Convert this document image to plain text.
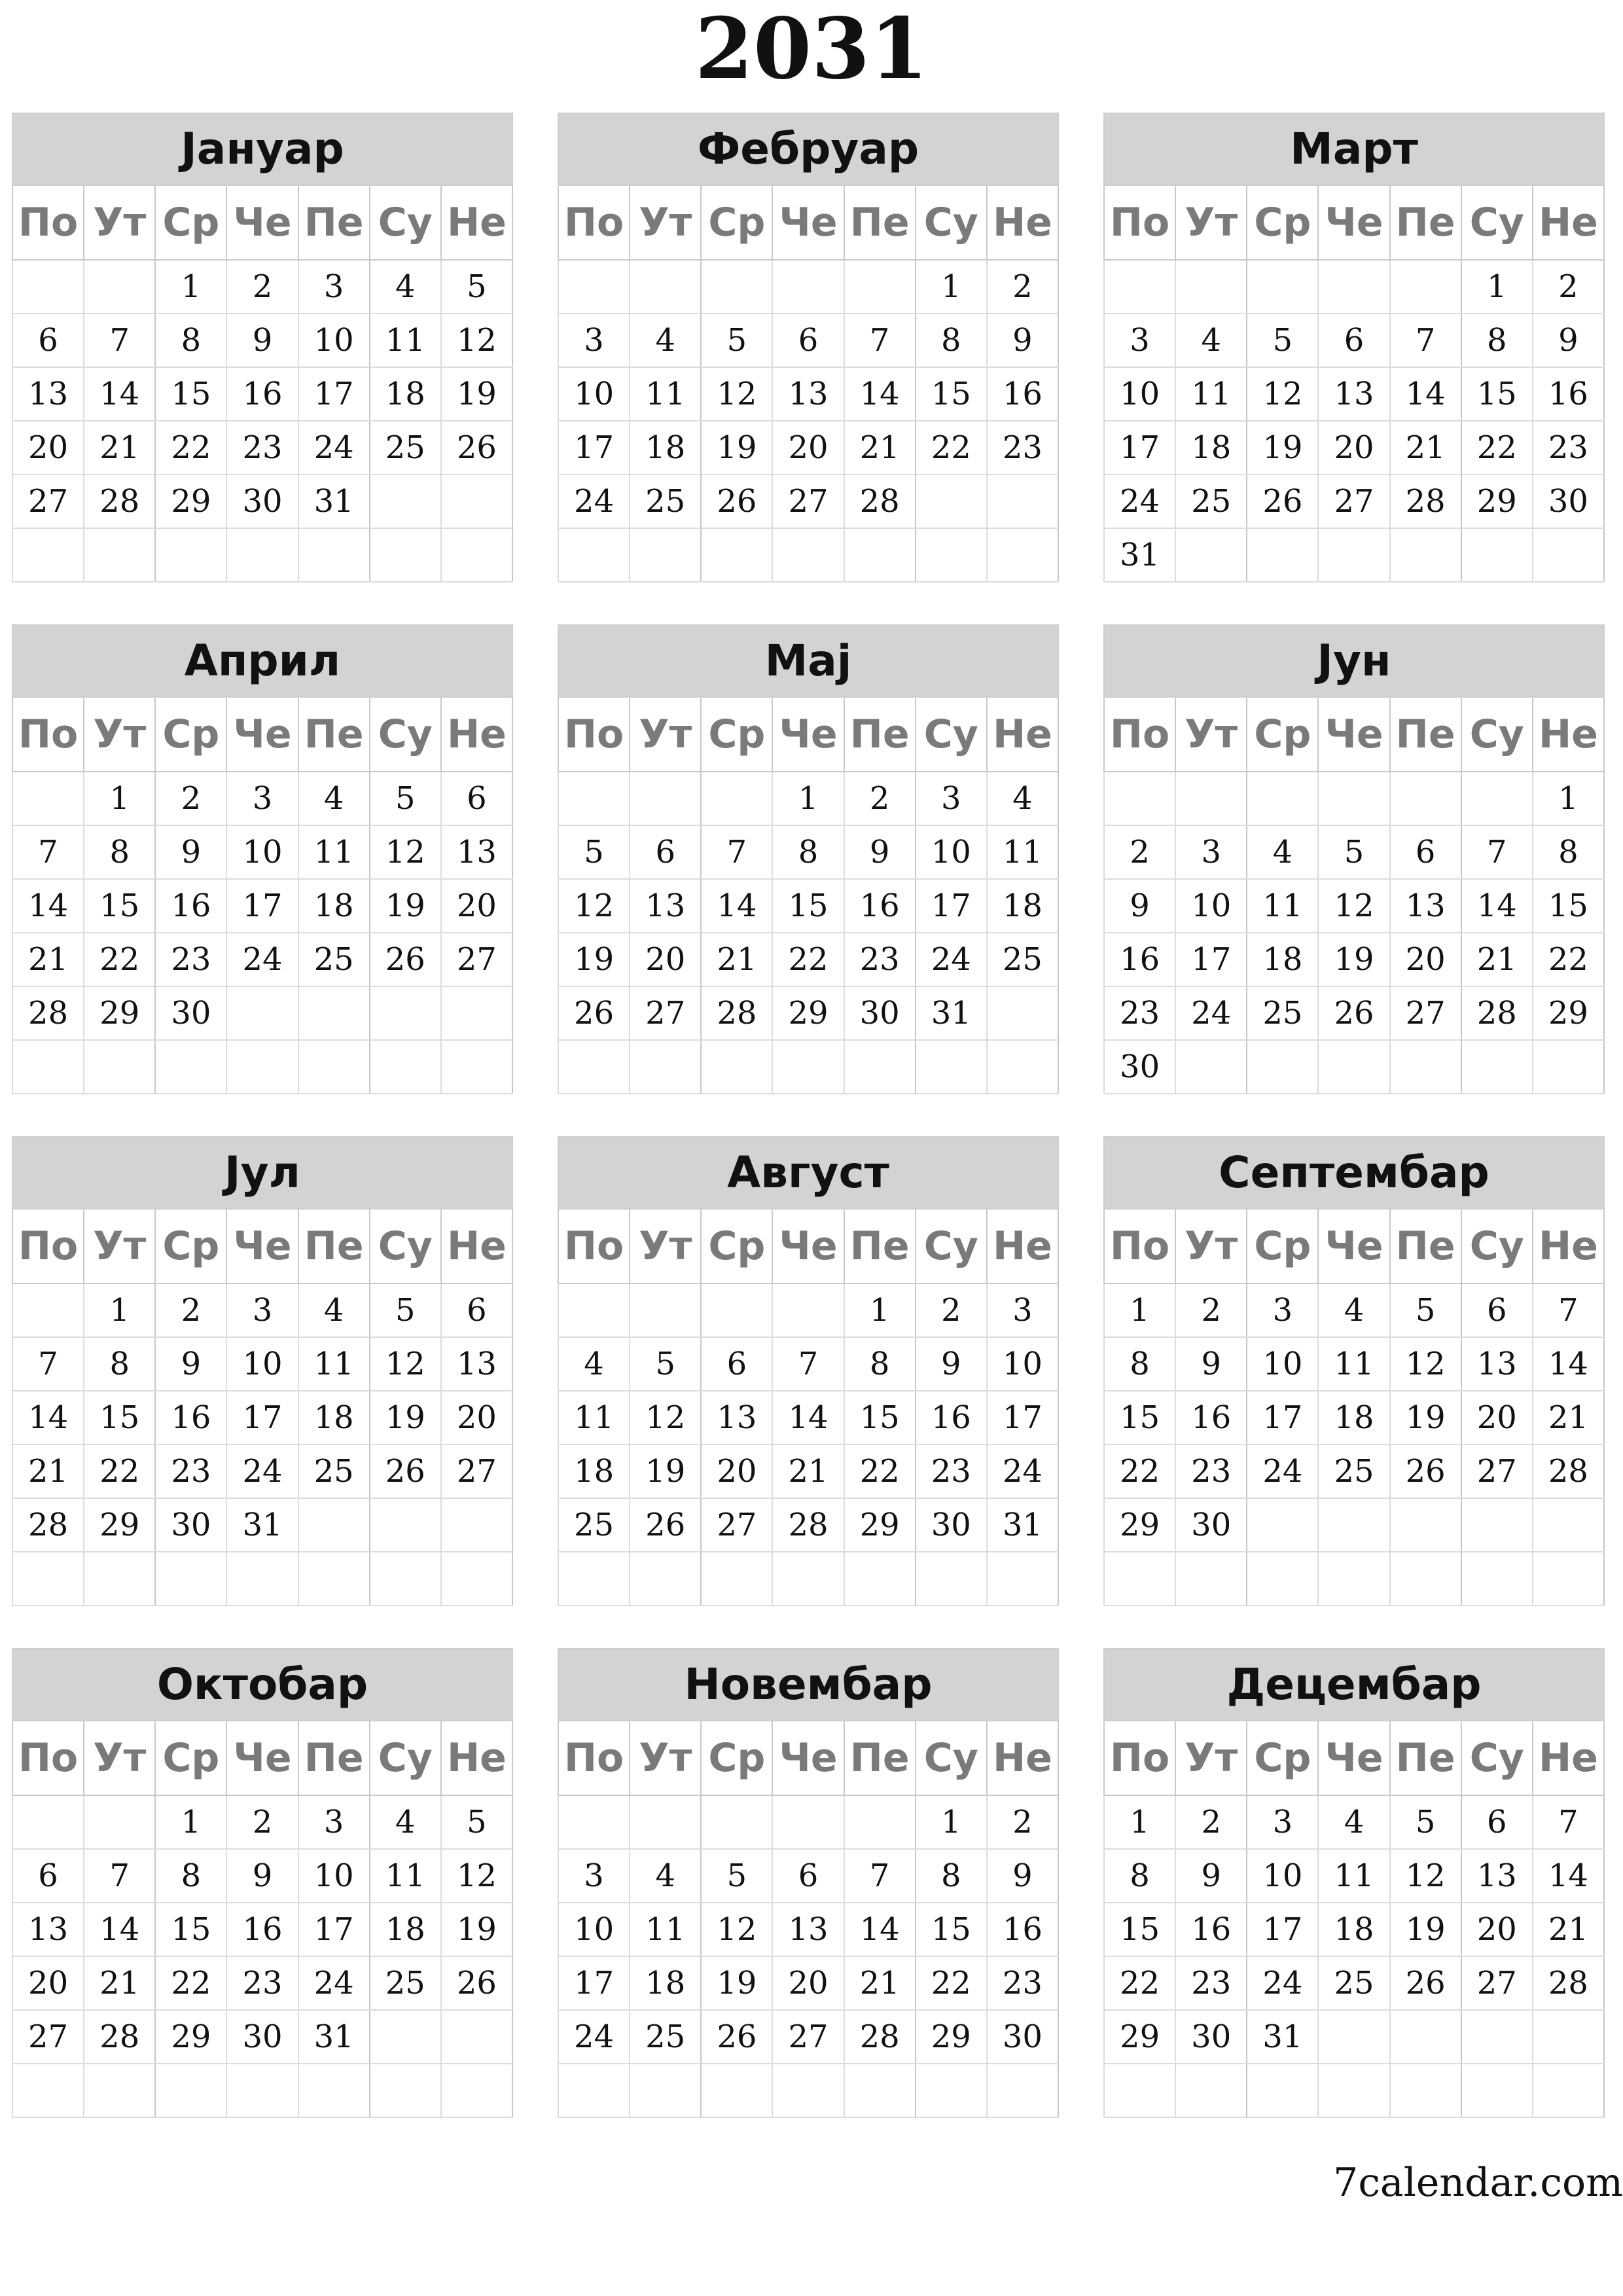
2031
Јануар
По	Ут	Ср	Че	Пе	Су	Не
		1	2	3	4	5
6	7	8	9	10	11	12
13	14	15	16	17	18	19
20	21	22	23	24	25	26
27	28	29	30	31		

Фебруар
По	Ут	Ср	Че	Пе	Су	Не
					1	2
3	4	5	6	7	8	9
10	11	12	13	14	15	16
17	18	19	20	21	22	23
24	25	26	27	28		

Март
По	Ут	Ср	Че	Пе	Су	Не
					1	2
3	4	5	6	7	8	9
10	11	12	13	14	15	16
17	18	19	20	21	22	23
24	25	26	27	28	29	30
31						
Април
По	Ут	Ср	Че	Пе	Су	Не
	1	2	3	4	5	6
7	8	9	10	11	12	13
14	15	16	17	18	19	20
21	22	23	24	25	26	27
28	29	30				

Мај
По	Ут	Ср	Че	Пе	Су	Не
			1	2	3	4
5	6	7	8	9	10	11
12	13	14	15	16	17	18
19	20	21	22	23	24	25
26	27	28	29	30	31	

Јун
По	Ут	Ср	Че	Пе	Су	Не
						1
2	3	4	5	6	7	8
9	10	11	12	13	14	15
16	17	18	19	20	21	22
23	24	25	26	27	28	29
30						
Јул
По	Ут	Ср	Че	Пе	Су	Не
	1	2	3	4	5	6
7	8	9	10	11	12	13
14	15	16	17	18	19	20
21	22	23	24	25	26	27
28	29	30	31			

Август
По	Ут	Ср	Че	Пе	Су	Не
				1	2	3
4	5	6	7	8	9	10
11	12	13	14	15	16	17
18	19	20	21	22	23	24
25	26	27	28	29	30	31

Септембар
По	Ут	Ср	Че	Пе	Су	Не
1	2	3	4	5	6	7
8	9	10	11	12	13	14
15	16	17	18	19	20	21
22	23	24	25	26	27	28
29	30					

Октобар
По	Ут	Ср	Че	Пе	Су	Не
		1	2	3	4	5
6	7	8	9	10	11	12
13	14	15	16	17	18	19
20	21	22	23	24	25	26
27	28	29	30	31		

Новембар
По	Ут	Ср	Че	Пе	Су	Не
					1	2
3	4	5	6	7	8	9
10	11	12	13	14	15	16
17	18	19	20	21	22	23
24	25	26	27	28	29	30

Децембар
По	Ут	Ср	Че	Пе	Су	Не
1	2	3	4	5	6	7
8	9	10	11	12	13	14
15	16	17	18	19	20	21
22	23	24	25	26	27	28
29	30	31				

7calendar.com
